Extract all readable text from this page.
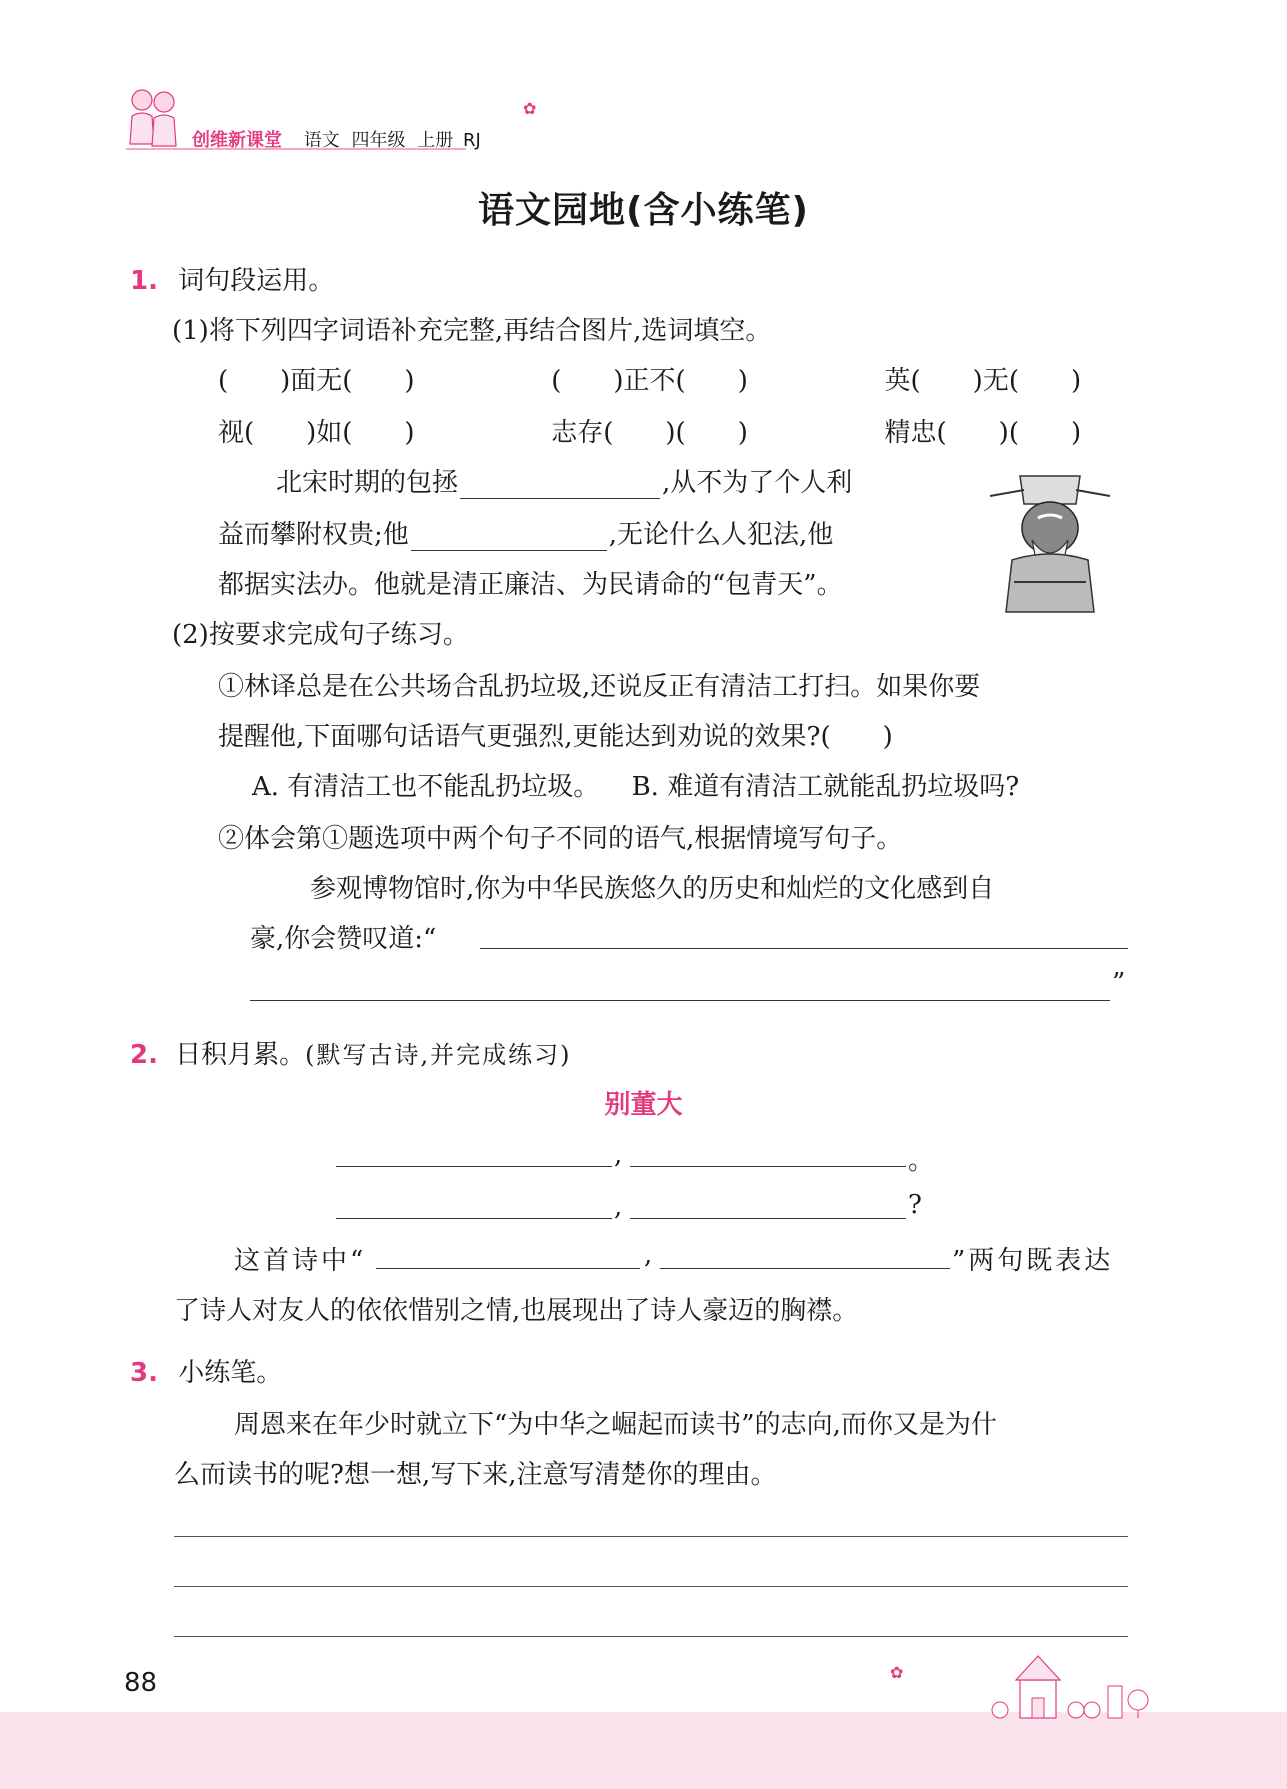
创维新课堂 语文 四年级 上册 RJ
✿
语文园地(含小练笔)
1. 词句段运用。
(1)将下列四字词语补充完整,再结合图片,选词填空。
(　　)面无(　　)	(　　)正不(　　)	英(　　)无(　　)
视(　　)如(　　)	志存(　　)(　　)	精忠(　　)(　　)
北宋时期的包拯	,从不为了个人利
益而攀附权贵;他	,无论什么人犯法,他
都据实法办。他就是清正廉洁、为民请命的“包青天”。
(2)按要求完成句子练习。
①林译总是在公共场合乱扔垃圾,还说反正有清洁工打扫。如果你要
提醒他,下面哪句话语气更强烈,更能达到劝说的效果?(　　)
A. 有清洁工也不能乱扔垃圾。 B. 难道有清洁工就能乱扔垃圾吗?
②体会第①题选项中两个句子不同的语气,根据情境写句子。
参观博物馆时,你为中华民族悠久的历史和灿烂的文化感到自
豪,你会赞叹道:“
”
2. 日积月累。(默写古诗,并完成练习)
别董大
,	。
,	?
这首诗中“	,	”两句既表达
了诗人对友人的依依惜别之情,也展现出了诗人豪迈的胸襟。
3. 小练笔。
周恩来在年少时就立下“为中华之崛起而读书”的志向,而你又是为什
么而读书的呢?想一想,写下来,注意写清楚你的理由。
88	✿
